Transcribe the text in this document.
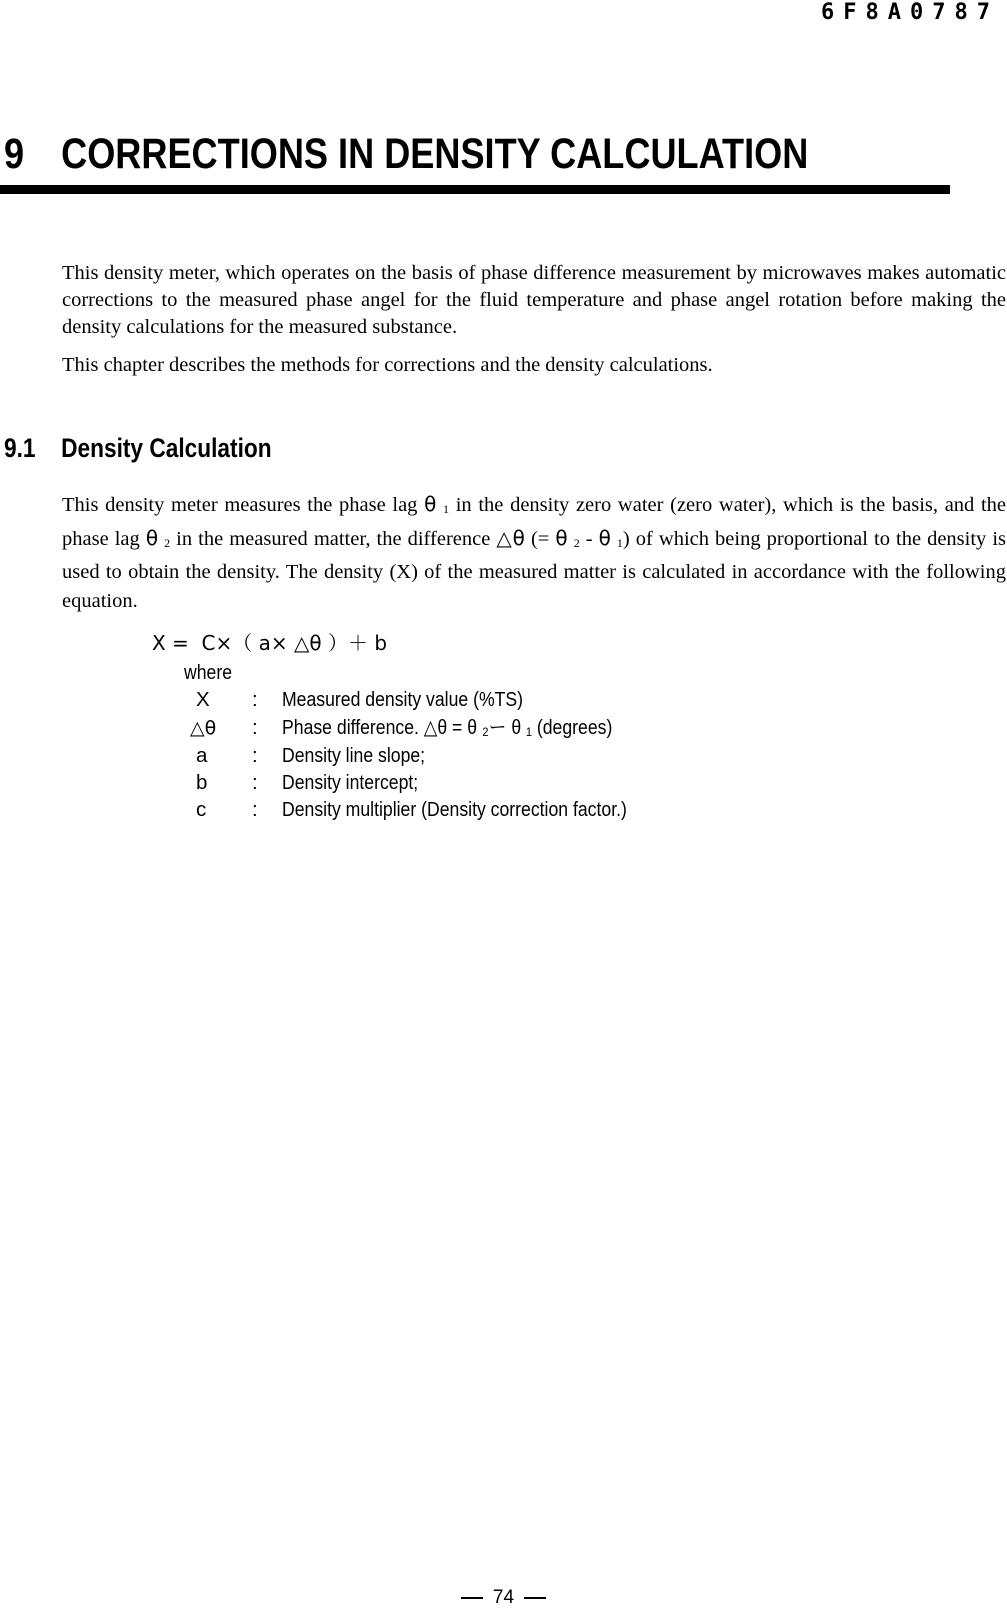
6F8A0787
9 CORRECTIONS IN DENSITY CALCULATION

This density meter, which operates on the basis of phase difference measurement by microwaves makes automatic corrections to the measured phase angel for the fluid temperature and phase angel rotation before making the density calculations for the measured substance.

This chapter describes the methods for corrections and the density calculations.

9.1 Density Calculation

This density meter measures the phase lag θ 1 in the density zero water (zero water), which is the basis, and the phase lag θ 2 in the measured matter, the difference △θ (= θ 2 - θ 1) of which being proportional to the density is used to obtain the density. The density (X) of the measured matter is calculated in accordance with the following equation.

X =  C×（ a× △θ ）＋ b
where
X : Measured density value (%TS)
△θ : Phase difference. △θ = θ ₂ー θ ₁ (degrees)
a : Density line slope;
b : Density intercept;
c : Density multiplier (Density correction factor.)
74
